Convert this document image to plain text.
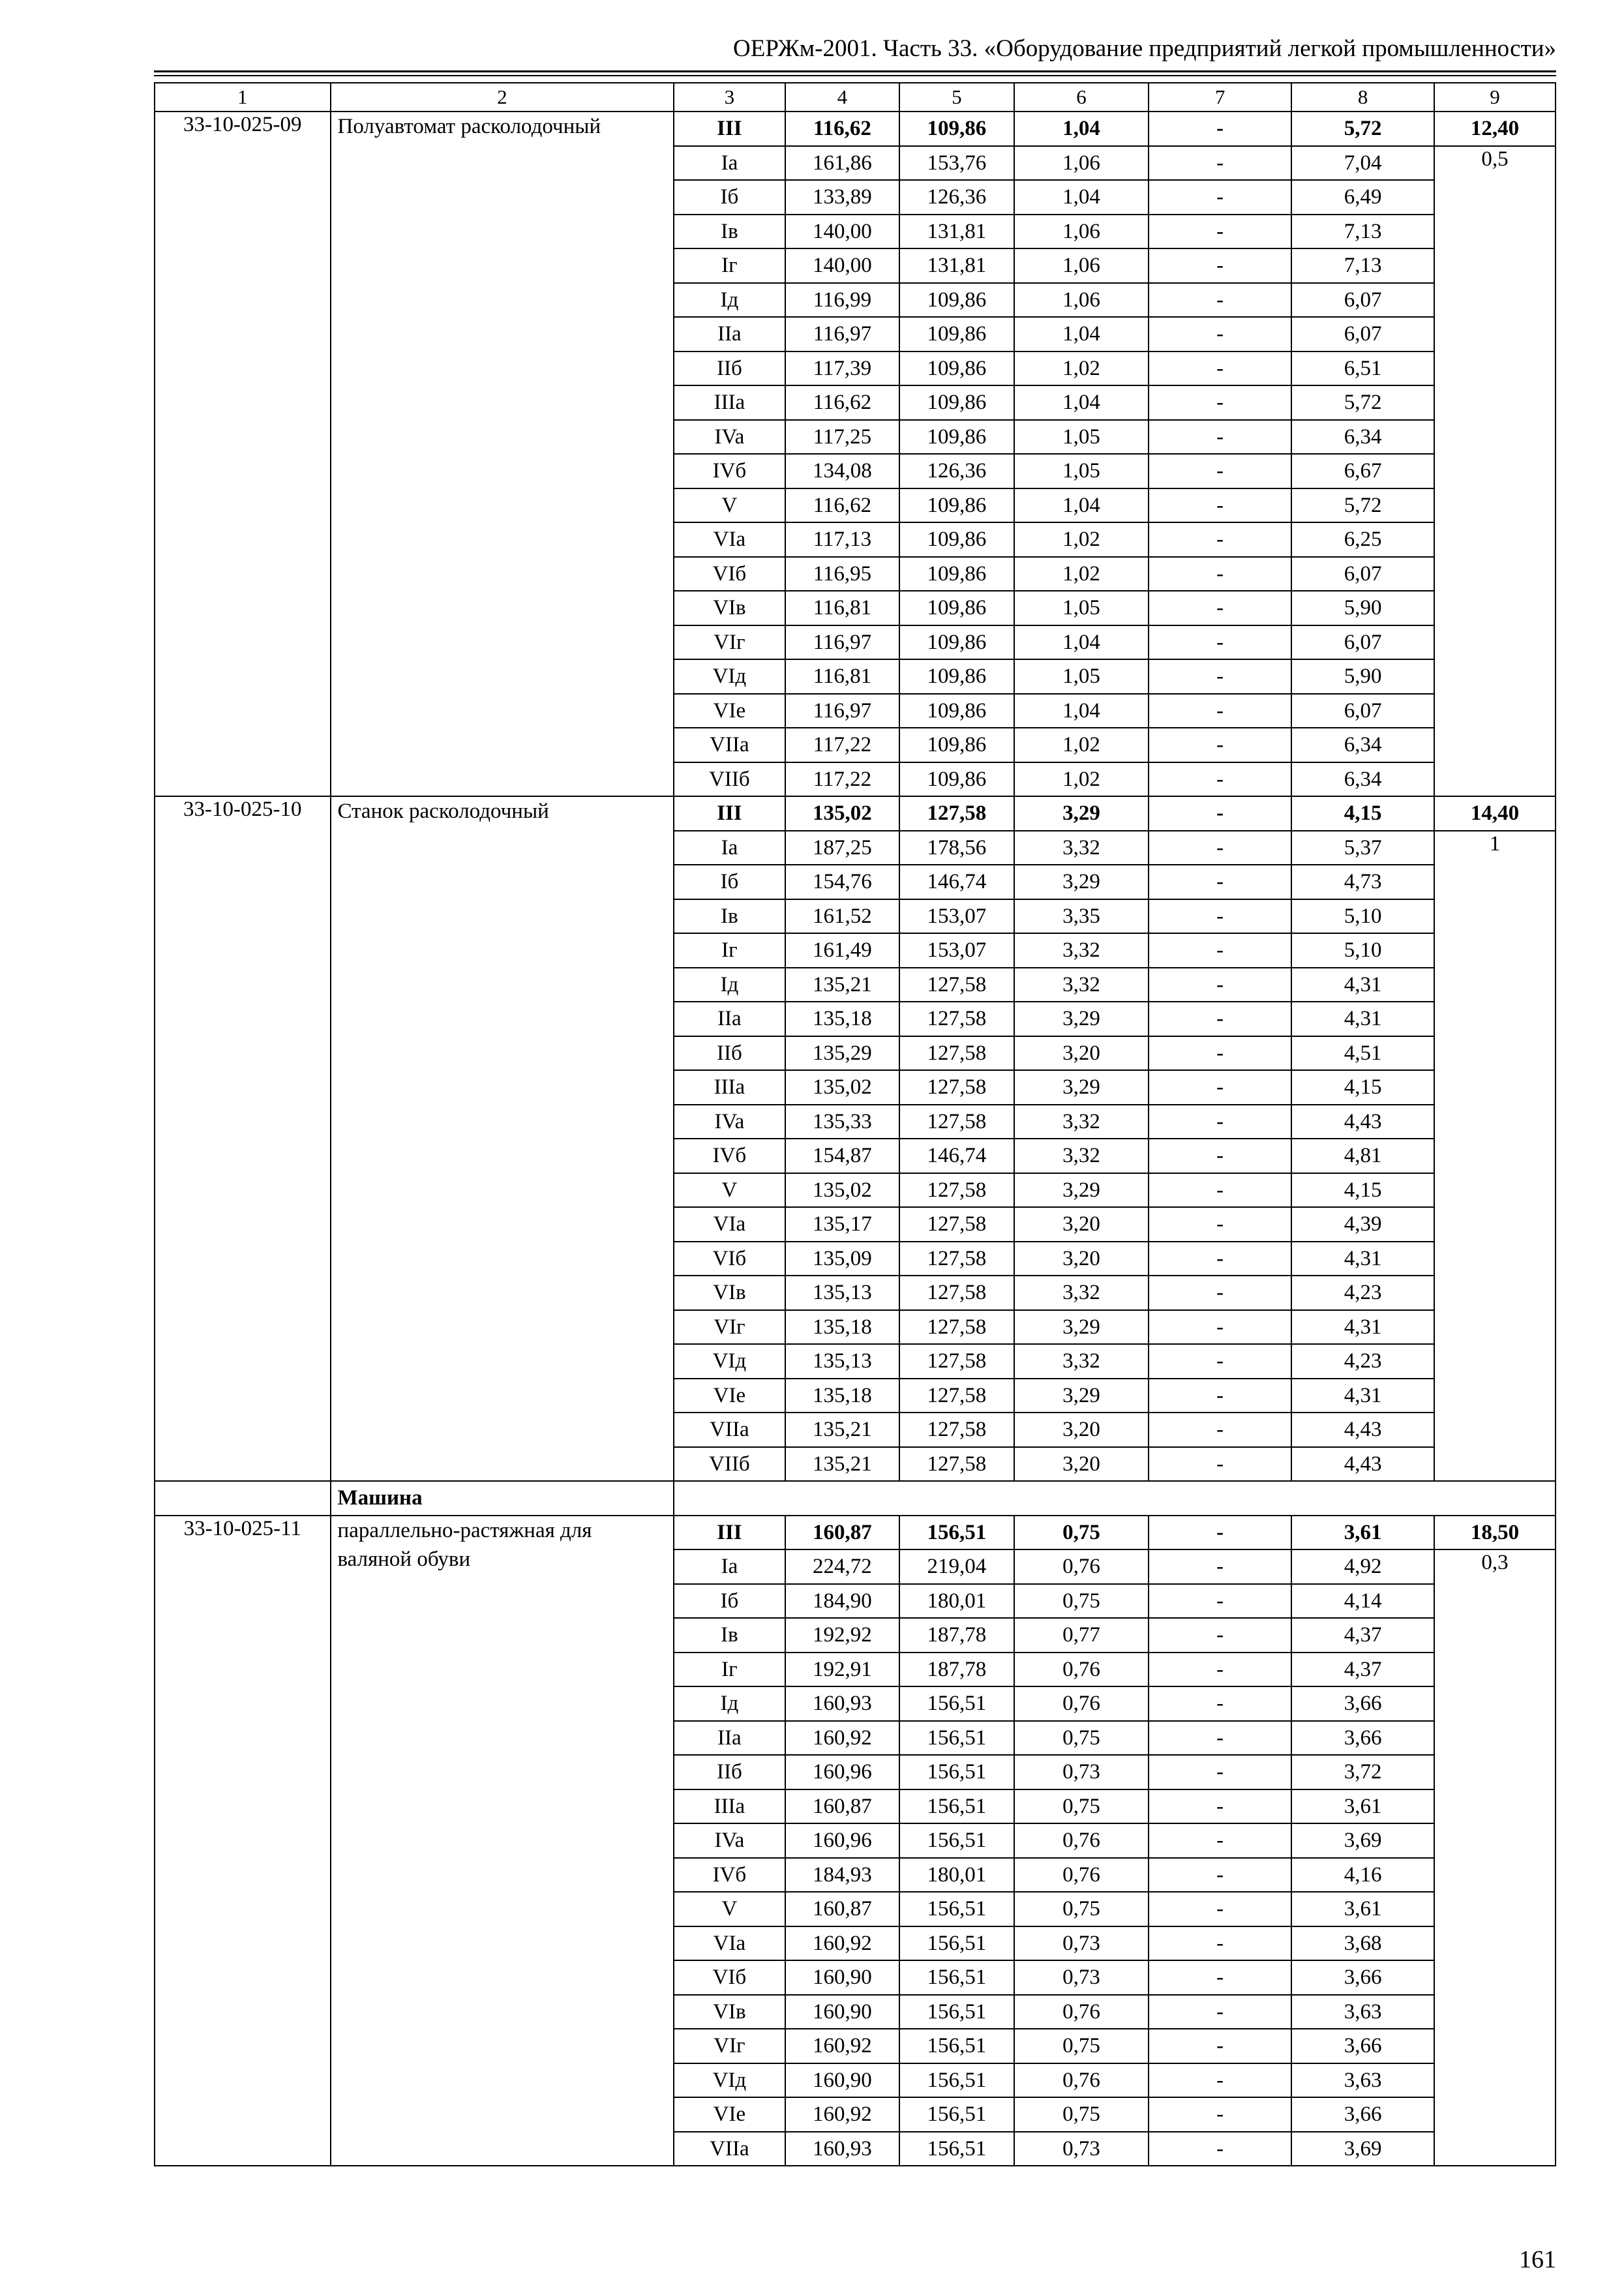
ОЕРЖм-2001. Часть 33. «Оборудование предприятий легкой промышленности»
1	2	3	4	5	6	7	8	9
33-10-025-09	Полуавтомат расколодочный	III	116,62	109,86	1,04	-	5,72	12,40
		Ia	161,86	153,76	1,06	-	7,04	0,5
		Iб	133,89	126,36	1,04	-	6,49	
		Iв	140,00	131,81	1,06	-	7,13	
		Iг	140,00	131,81	1,06	-	7,13	
		Iд	116,99	109,86	1,06	-	6,07	
		IIa	116,97	109,86	1,04	-	6,07	
		IIб	117,39	109,86	1,02	-	6,51	
		IIIa	116,62	109,86	1,04	-	5,72	
		IVa	117,25	109,86	1,05	-	6,34	
		IVб	134,08	126,36	1,05	-	6,67	
		V	116,62	109,86	1,04	-	5,72	
		VIa	117,13	109,86	1,02	-	6,25	
		VIб	116,95	109,86	1,02	-	6,07	
		VIв	116,81	109,86	1,05	-	5,90	
		VIг	116,97	109,86	1,04	-	6,07	
		VIд	116,81	109,86	1,05	-	5,90	
		VIe	116,97	109,86	1,04	-	6,07	
		VIIa	117,22	109,86	1,02	-	6,34	
		VIIб	117,22	109,86	1,02	-	6,34	
33-10-025-10	Станок расколодочный	III	135,02	127,58	3,29	-	4,15	14,40
		Ia	187,25	178,56	3,32	-	5,37	1
		Iб	154,76	146,74	3,29	-	4,73	
		Iв	161,52	153,07	3,35	-	5,10	
		Iг	161,49	153,07	3,32	-	5,10	
		Iд	135,21	127,58	3,32	-	4,31	
		IIa	135,18	127,58	3,29	-	4,31	
		IIб	135,29	127,58	3,20	-	4,51	
		IIIa	135,02	127,58	3,29	-	4,15	
		IVa	135,33	127,58	3,32	-	4,43	
		IVб	154,87	146,74	3,32	-	4,81	
		V	135,02	127,58	3,29	-	4,15	
		VIa	135,17	127,58	3,20	-	4,39	
		VIб	135,09	127,58	3,20	-	4,31	
		VIв	135,13	127,58	3,32	-	4,23	
		VIг	135,18	127,58	3,29	-	4,31	
		VIд	135,13	127,58	3,32	-	4,23	
		VIe	135,18	127,58	3,29	-	4,31	
		VIIa	135,21	127,58	3,20	-	4,43	
		VIIб	135,21	127,58	3,20	-	4,43	
	Машина							
33-10-025-11	параллельно-растяжная для валяной обуви	III	160,87	156,51	0,75	-	3,61	18,50
		Ia	224,72	219,04	0,76	-	4,92	0,3
		Iб	184,90	180,01	0,75	-	4,14	
		Iв	192,92	187,78	0,77	-	4,37	
		Iг	192,91	187,78	0,76	-	4,37	
		Iд	160,93	156,51	0,76	-	3,66	
		IIa	160,92	156,51	0,75	-	3,66	
		IIб	160,96	156,51	0,73	-	3,72	
		IIIa	160,87	156,51	0,75	-	3,61	
		IVa	160,96	156,51	0,76	-	3,69	
		IVб	184,93	180,01	0,76	-	4,16	
		V	160,87	156,51	0,75	-	3,61	
		VIa	160,92	156,51	0,73	-	3,68	
		VIб	160,90	156,51	0,73	-	3,66	
		VIв	160,90	156,51	0,76	-	3,63	
		VIг	160,92	156,51	0,75	-	3,66	
		VIд	160,90	156,51	0,76	-	3,63	
		VIe	160,92	156,51	0,75	-	3,66	
		VIIa	160,93	156,51	0,73	-	3,69	
161
